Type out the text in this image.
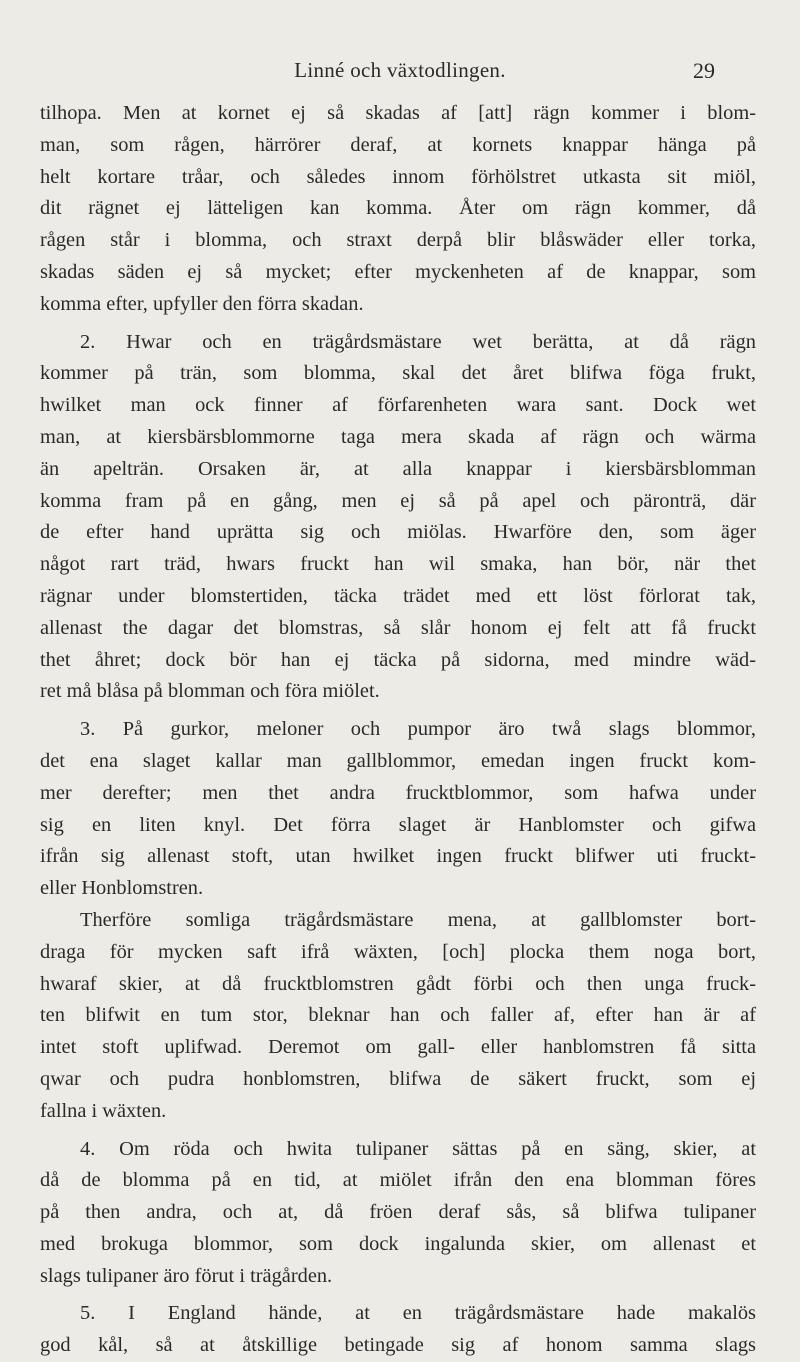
Linné och växtodlingen.	29
tilhopa. Men at kornet ej så skadas af [att] rägn kommer i blom-
man, som rågen, härrörer deraf, at kornets knappar hänga på
helt kortare tråar, och således innom förhölstret utkasta sit miöl,
dit rägnet ej lätteligen kan komma. Åter om rägn kommer, då
rågen står i blomma, och straxt derpå blir blåswäder eller torka,
skadas säden ej så mycket; efter myckenheten af de knappar, som
komma efter, upfyller den förra skadan.
2. Hwar och en trägårdsmästare wet berätta, at då rägn
kommer på trän, som blomma, skal det året blifwa föga frukt,
hwilket man ock finner af förfarenheten wara sant. Dock wet
man, at kiersbärsblommorne taga mera skada af rägn och wärma
än apelträn. Orsaken är, at alla knappar i kiersbärsblomman
komma fram på en gång, men ej så på apel och päronträ, där
de efter hand uprätta sig och miölas. Hwarföre den, som äger
något rart träd, hwars fruckt han wil smaka, han bör, när thet
rägnar under blomstertiden, täcka trädet med ett löst förlorat tak,
allenast the dagar det blomstras, så slår honom ej felt att få fruckt
thet åhret; dock bör han ej täcka på sidorna, med mindre wäd-
ret må blåsa på blomman och föra miölet.
3. På gurkor, meloner och pumpor äro twå slags blommor,
det ena slaget kallar man gallblommor, emedan ingen fruckt kom-
mer derefter; men thet andra frucktblommor, som hafwa under
sig en liten knyl. Det förra slaget är Hanblomster och gifwa
ifrån sig allenast stoft, utan hwilket ingen fruckt blifwer uti fruckt-
eller Honblomstren.
Therföre somliga trägårdsmästare mena, at gallblomster bort-
draga för mycken saft ifrå wäxten, [och] plocka them noga bort,
hwaraf skier, at då frucktblomstren gådt förbi och then unga fruck-
ten blifwit en tum stor, bleknar han och faller af, efter han är af
intet stoft uplifwad. Deremot om gall- eller hanblomstren få sitta
qwar och pudra honblomstren, blifwa de säkert fruckt, som ej
fallna i wäxten.
4. Om röda och hwita tulipaner sättas på en säng, skier, at
då de blomma på en tid, at miölet ifrån den ena blomman föres
på then andra, och at, då fröen deraf sås, så blifwa tulipaner
med brokuga blommor, som dock ingalunda skier, om allenast et
slags tulipaner äro förut i trägården.
5. I England hände, at en trägårdsmästare hade makalös
god kål, så at åtskillige betingade sig af honom samma slags
